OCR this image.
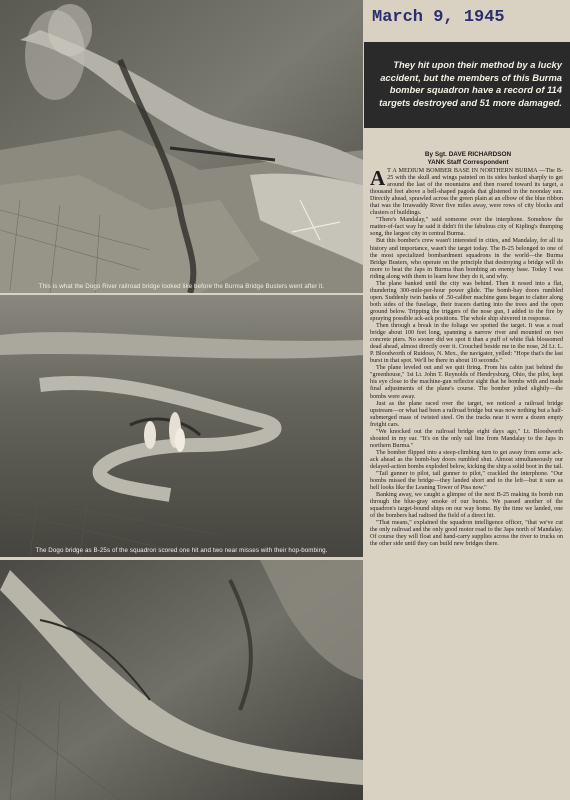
This is what the Dogo River railroad bridge looked like before the Burma Bridge Busters went after it.
The Dogo bridge as B-25s of the squadron scored one hit and two near misses with their hop-bombing.
March 9, 1945

They hit upon their method by a lucky accident, but the members of this Burma bomber squadron have a record of 114 targets destroyed and 51 more damaged.

By Sgt. DAVE RICHARDSON
YANK Staff Correspondent

A T A MEDIUM BOMBER BASE IN NORTHERN BURMA —The B-25 with the skull and wings painted on its sides banked sharply to get around the last of the mountains and then roared toward its target, a thousand feet above a bell-shaped pagoda that glistened in the noonday sun. Directly ahead, sprawled across the green plain at an elbow of the blue ribbon that was the Irrawaddy River five miles away, were rows of city blocks and clusters of buildings.

"There's Mandalay," said someone over the interphone. Somehow the matter-of-fact way he said it didn't fit the fabulous city of Kipling's thumping song, the largest city in central Burma.

But this bomber's crew wasn't interested in cities, and Mandalay, for all its history and importance, wasn't the target today. The B-25 belonged to one of the most specialized bombardment squadrons in the world—the Burma Bridge Busters, who operate on the principle that destroying a bridge will do more to beat the Japs in Burma than bombing an enemy base. Today I was riding along with them to learn how they do it, and why.

The plane banked until the city was behind. Then it nosed into a flat, thundering 300-mile-per-hour power glide. The bomb-bay doors rumbled open. Suddenly twin banks of .50-caliber machine guns began to clatter along both sides of the fuselage, their tracers darting into the trees and the open ground below. Tripping the triggers of the nose gun, I added to the fire by spraying possible ack-ack positions. The whole ship shivered in response.

Then through a break in the foliage we spotted the target. It was a road bridge about 100 feet long, spanning a narrow river and mounted on two concrete piers. No sooner did we spot it than a puff of white flak blossomed dead ahead, almost directly over it. Crouched beside me in the nose, 2d Lt. L. P. Bloodworth of Ruidoso, N. Mex., the navigator, yelled: "Hope that's the last burst in that spot. We'll be there in about 10 seconds."

The plane leveled out and we quit firing. From his cabin just behind the "greenhouse," 1st Lt. John T. Reynolds of Hendrysburg, Ohio, the pilot, kept his eye close to the machine-gun reflector sight that he bombs with and made final adjustments of the plane's course. The bomber jolted slightly—the bombs were away.

Just as the plane raced over the target, we noticed a railroad bridge upstream—or what had been a railroad bridge but was now nothing but a half-submerged mass of twisted steel. On the tracks near it were a dozen empty freight cars.

"We knocked out the railroad bridge eight days ago," Lt. Bloodworth shouted in my ear. "It's on the only rail line from Mandalay to the Japs in northern Burma."

The bomber flipped into a steep-climbing turn to get away from some ack-ack ahead as the bomb-bay doors rumbled shut. Almost simultaneously our delayed-action bombs exploded below, kicking the ship a solid boot in the tail.

"Tail gunner to pilot, tail gunner to pilot," crackled the interphone. "Our bombs missed the bridge—they landed short and to the left—but it sure as hell looks like the Leaning Tower of Pisa now."

Banking away, we caught a glimpse of the next B-25 making its bomb run through the blue-gray smoke of our bursts. We passed another of the squadron's target-bound ships on our way home. By the time we landed, one of the bombers had radioed the field of a direct hit.

"That means," explained the squadron intelligence officer, "that we've cut the only railroad and the only good motor road to the Japs north of Mandalay. Of course they will float and hand-carry supplies across the river to trucks on the other side until they can build new bridges there.
